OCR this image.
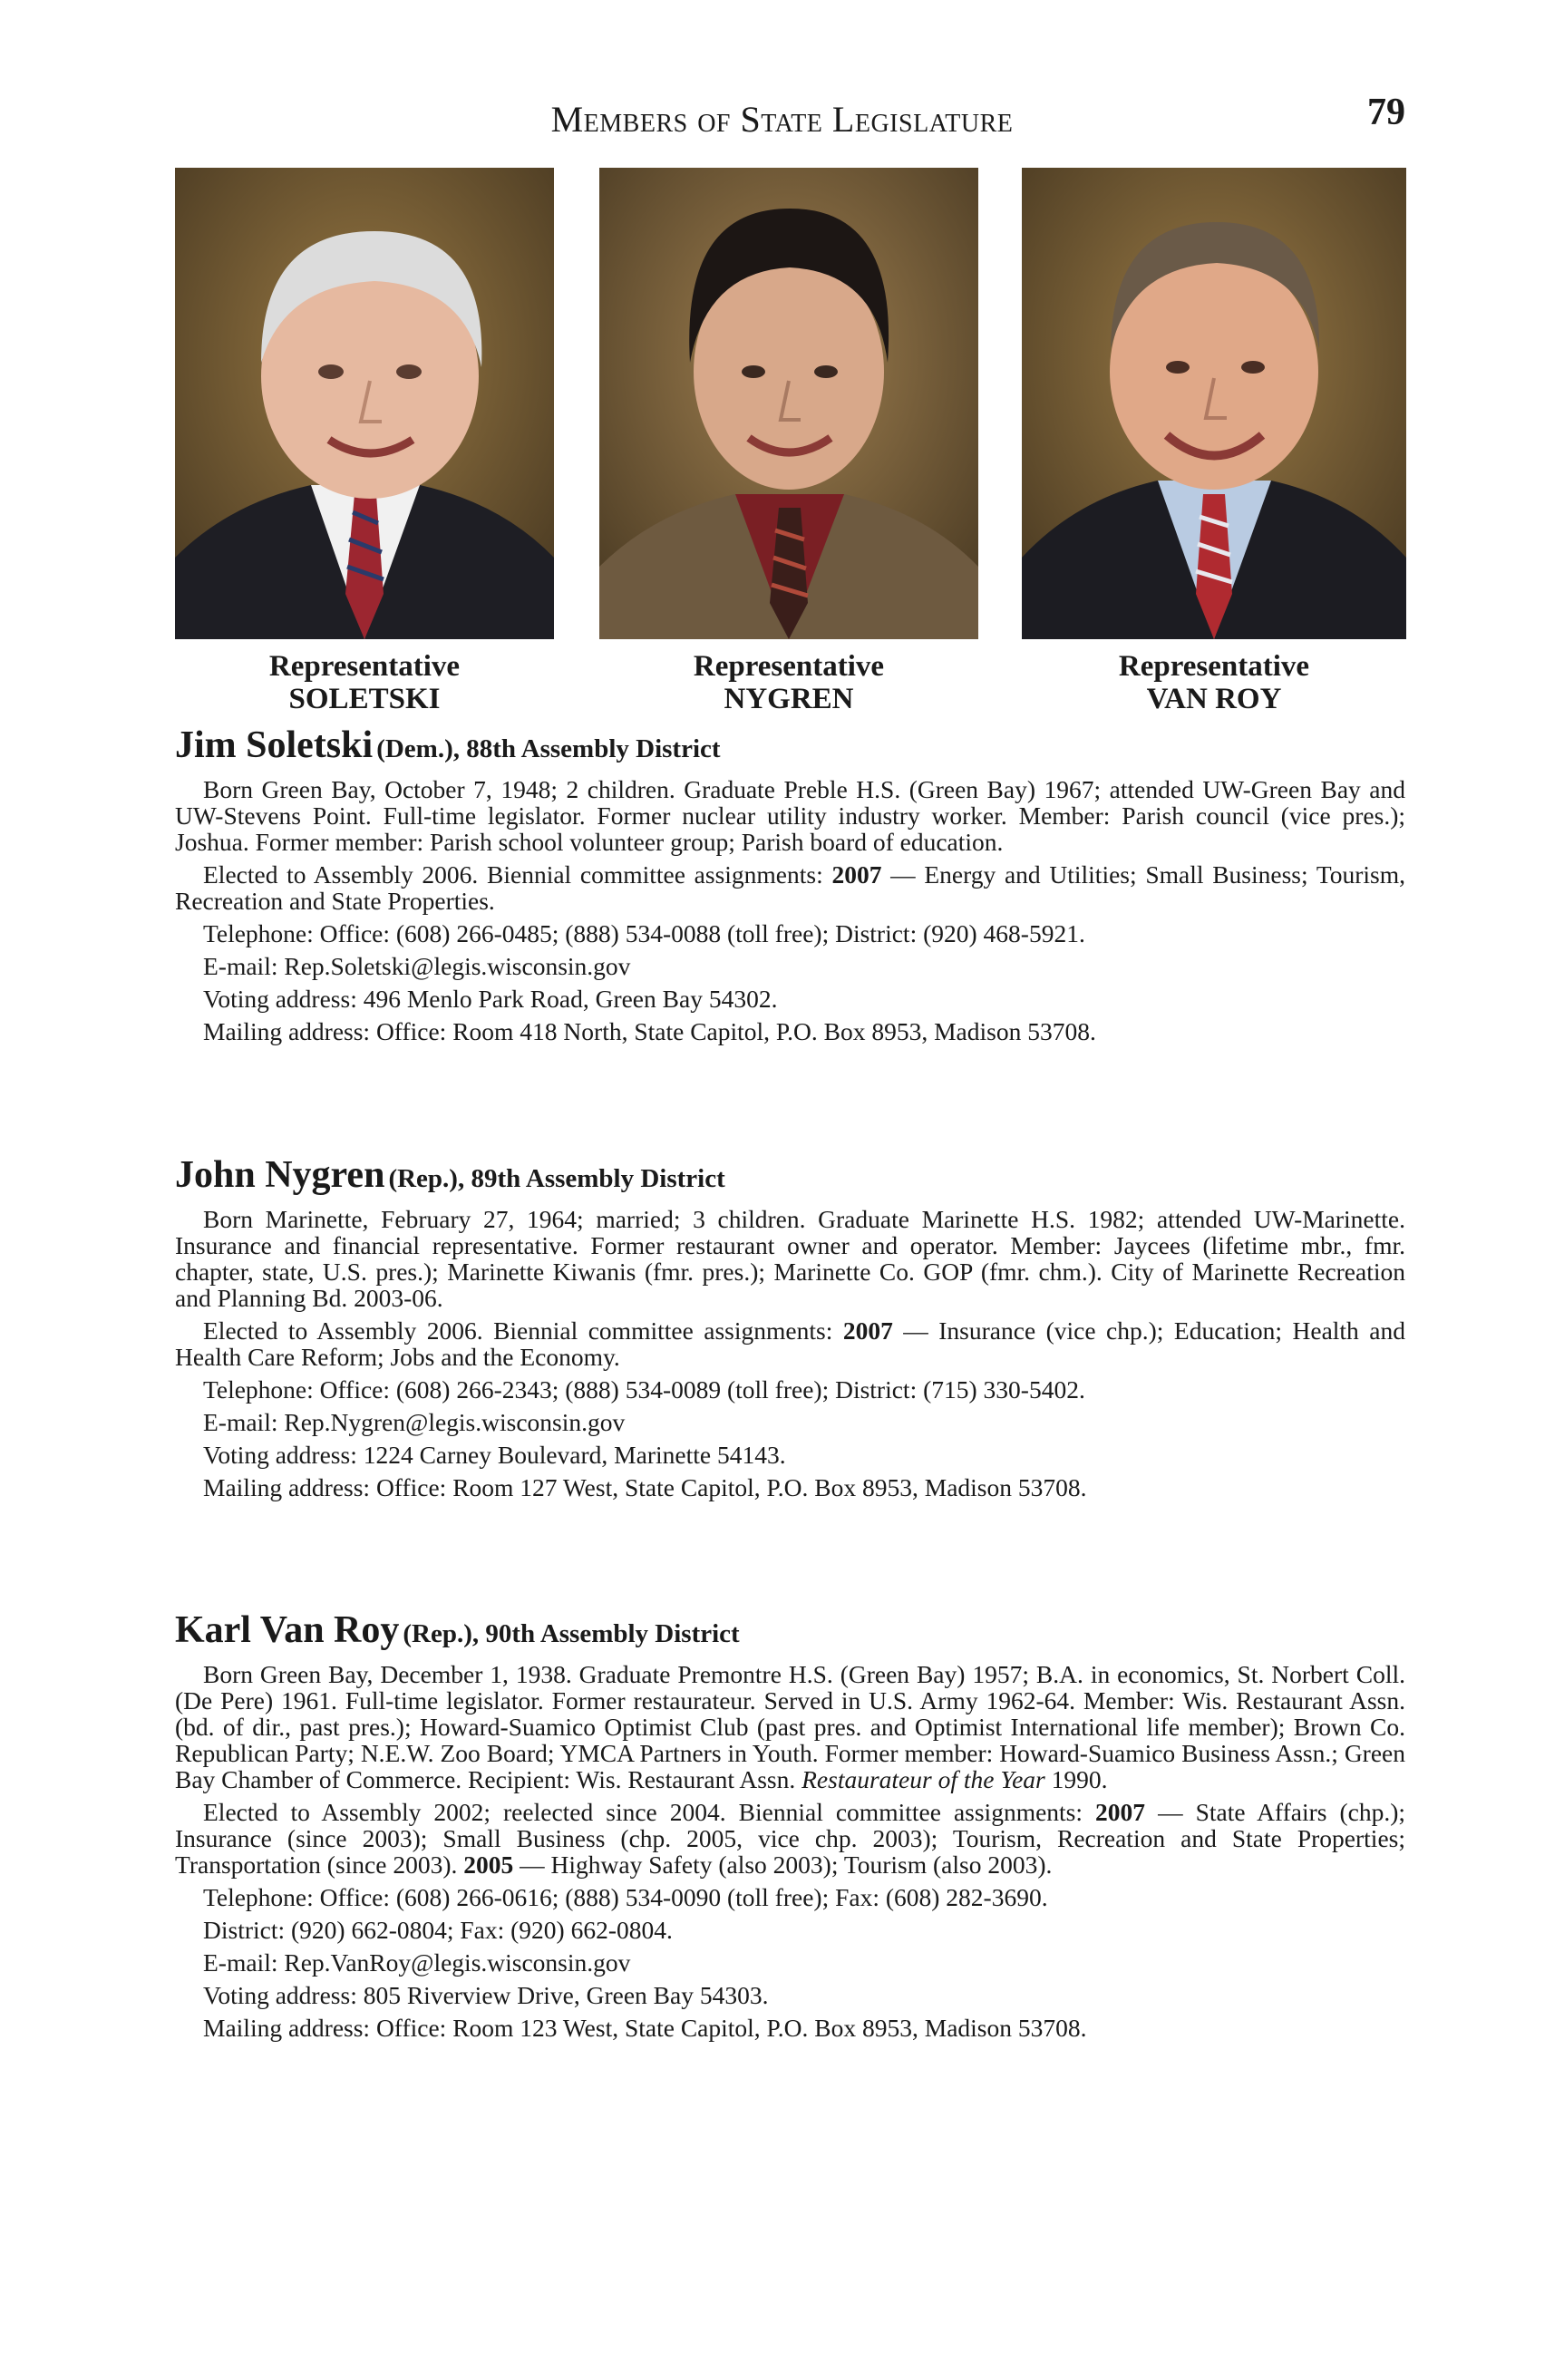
Members of State Legislature	79
Representative
SOLETSKI
Representative
NYGREN
Representative
VAN ROY
Jim Soletski (Dem.), 88th Assembly District

Born Green Bay, October 7, 1948; 2 children. Graduate Preble H.S. (Green Bay) 1967; attended UW-Green Bay and UW-Stevens Point. Full-time legislator. Former nuclear utility industry worker. Member: Parish council (vice pres.); Joshua. Former member: Parish school volunteer group; Parish board of education.

Elected to Assembly 2006. Biennial committee assignments: 2007 — Energy and Utilities; Small Business; Tourism, Recreation and State Properties.

Telephone: Office: (608) 266-0485; (888) 534-0088 (toll free); District: (920) 468-5921.

E-mail: Rep.Soletski@legis.wisconsin.gov

Voting address: 496 Menlo Park Road, Green Bay 54302.

Mailing address: Office: Room 418 North, State Capitol, P.O. Box 8953, Madison 53708.

John Nygren (Rep.), 89th Assembly District

Born Marinette, February 27, 1964; married; 3 children. Graduate Marinette H.S. 1982; attended UW-Marinette. Insurance and financial representative. Former restaurant owner and operator. Member: Jaycees (lifetime mbr., fmr. chapter, state, U.S. pres.); Marinette Kiwanis (fmr. pres.); Marinette Co. GOP (fmr. chm.). City of Marinette Recreation and Planning Bd. 2003-06.

Elected to Assembly 2006. Biennial committee assignments: 2007 — Insurance (vice chp.); Education; Health and Health Care Reform; Jobs and the Economy.

Telephone: Office: (608) 266-2343; (888) 534-0089 (toll free); District: (715) 330-5402.

E-mail: Rep.Nygren@legis.wisconsin.gov

Voting address: 1224 Carney Boulevard, Marinette 54143.

Mailing address: Office: Room 127 West, State Capitol, P.O. Box 8953, Madison 53708.

Karl Van Roy (Rep.), 90th Assembly District

Born Green Bay, December 1, 1938. Graduate Premontre H.S. (Green Bay) 1957; B.A. in economics, St. Norbert Coll. (De Pere) 1961. Full-time legislator. Former restaurateur. Served in U.S. Army 1962-64. Member: Wis. Restaurant Assn. (bd. of dir., past pres.); Howard-Suamico Optimist Club (past pres. and Optimist International life member); Brown Co. Republican Party; N.E.W. Zoo Board; YMCA Partners in Youth. Former member: Howard-Suamico Business Assn.; Green Bay Chamber of Commerce. Recipient: Wis. Restaurant Assn. Restaurateur of the Year 1990.

Elected to Assembly 2002; reelected since 2004. Biennial committee assignments: 2007 — State Affairs (chp.); Insurance (since 2003); Small Business (chp. 2005, vice chp. 2003); Tourism, Recreation and State Properties; Transportation (since 2003). 2005 — Highway Safety (also 2003); Tourism (also 2003).

Telephone: Office: (608) 266-0616; (888) 534-0090 (toll free); Fax: (608) 282-3690.

District: (920) 662-0804; Fax: (920) 662-0804.

E-mail: Rep.VanRoy@legis.wisconsin.gov

Voting address: 805 Riverview Drive, Green Bay 54303.

Mailing address: Office: Room 123 West, State Capitol, P.O. Box 8953, Madison 53708.
